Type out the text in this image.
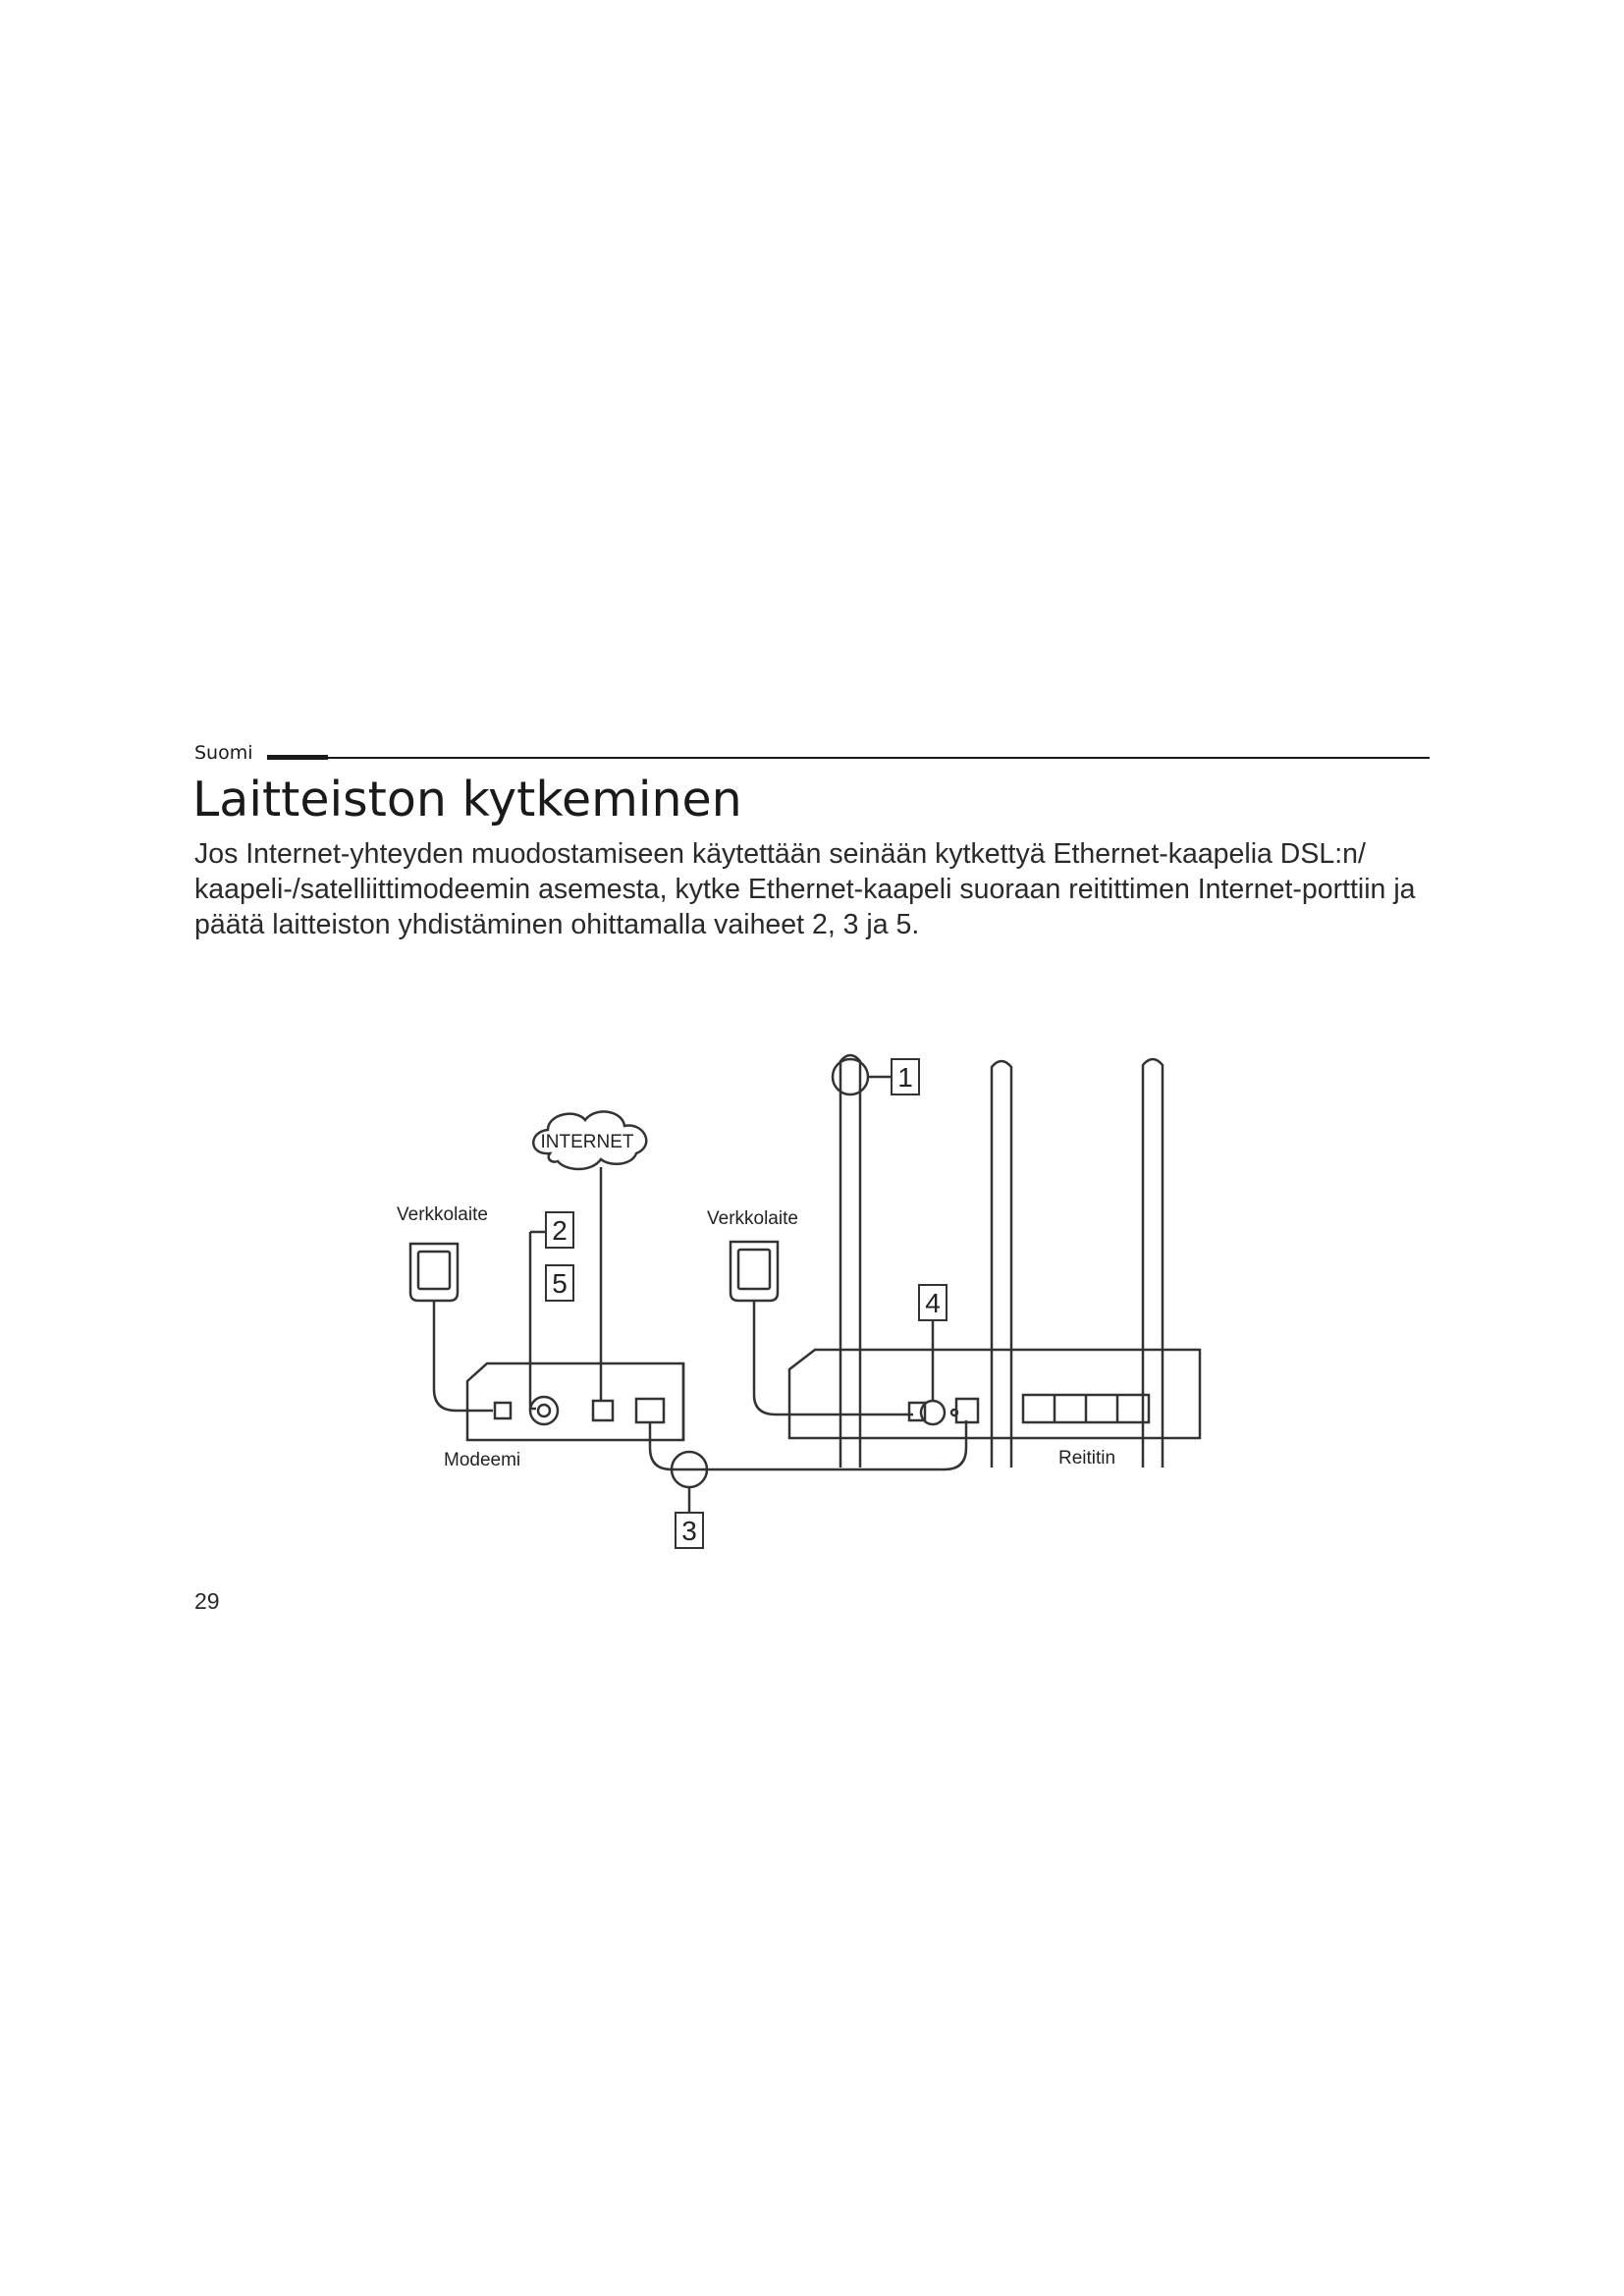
Suomi
Laitteiston kytkeminen
Jos Internet-yhteyden muodostamiseen käytettään seinään kytkettyä Ethernet-kaapelia DSL:n/ kaapeli-/satelliittimodeemin asemesta, kytke Ethernet-kaapeli suoraan reitittimen Internet-porttiin ja päätä laitteiston yhdistäminen ohittamalla vaiheet 2, 3 ja 5.
1
2
5
4
3
INTERNET
Verkkolaite	Verkkolaite
Modeemi	Reititin
29
